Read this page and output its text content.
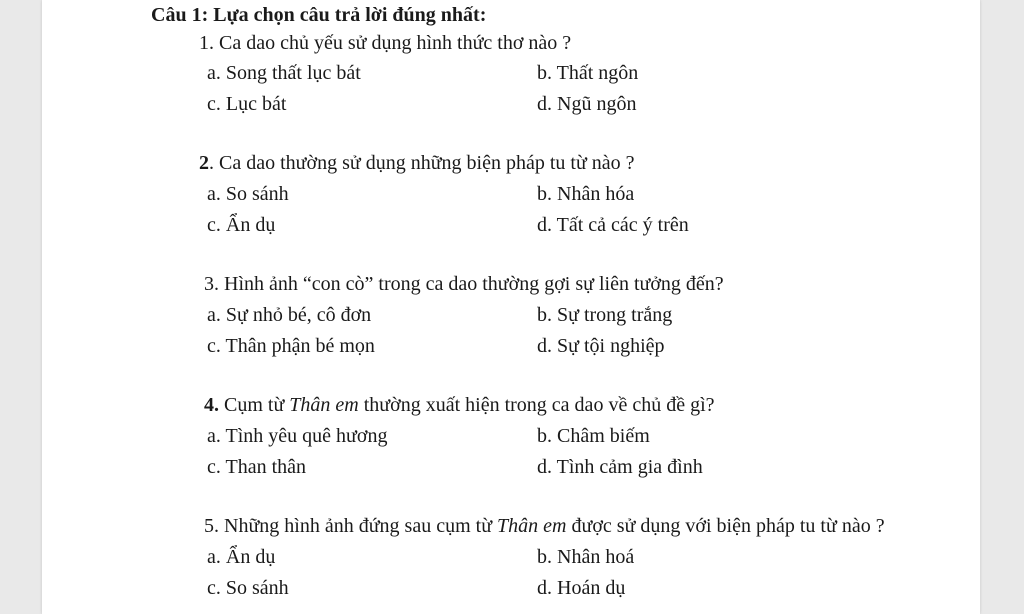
Câu 1: Lựa chọn câu trả lời đúng nhất:
1. Ca dao chủ yếu sử dụng hình thức thơ nào ?
a. Song thất lục bát	b. Thất ngôn
c. Lục bát	d. Ngũ ngôn
2. Ca dao thường sử dụng những biện pháp tu từ nào ?
a. So sánh	b. Nhân hóa
c. Ẩn dụ	d. Tất cả các ý trên
3. Hình ảnh “con cò” trong ca dao thường gợi sự liên tưởng đến?
a. Sự nhỏ bé, cô đơn	b. Sự trong trắng
c. Thân phận bé mọn	d. Sự tội nghiệp
4. Cụm từ Thân em thường xuất hiện trong ca dao về chủ đề gì?
a. Tình yêu quê hương	b. Châm biếm
c. Than thân	d. Tình cảm gia đình
5. Những hình ảnh đứng sau cụm từ Thân em được sử dụng với biện pháp tu từ nào ?
a. Ẩn dụ	b. Nhân hoá
c. So sánh	d. Hoán dụ
